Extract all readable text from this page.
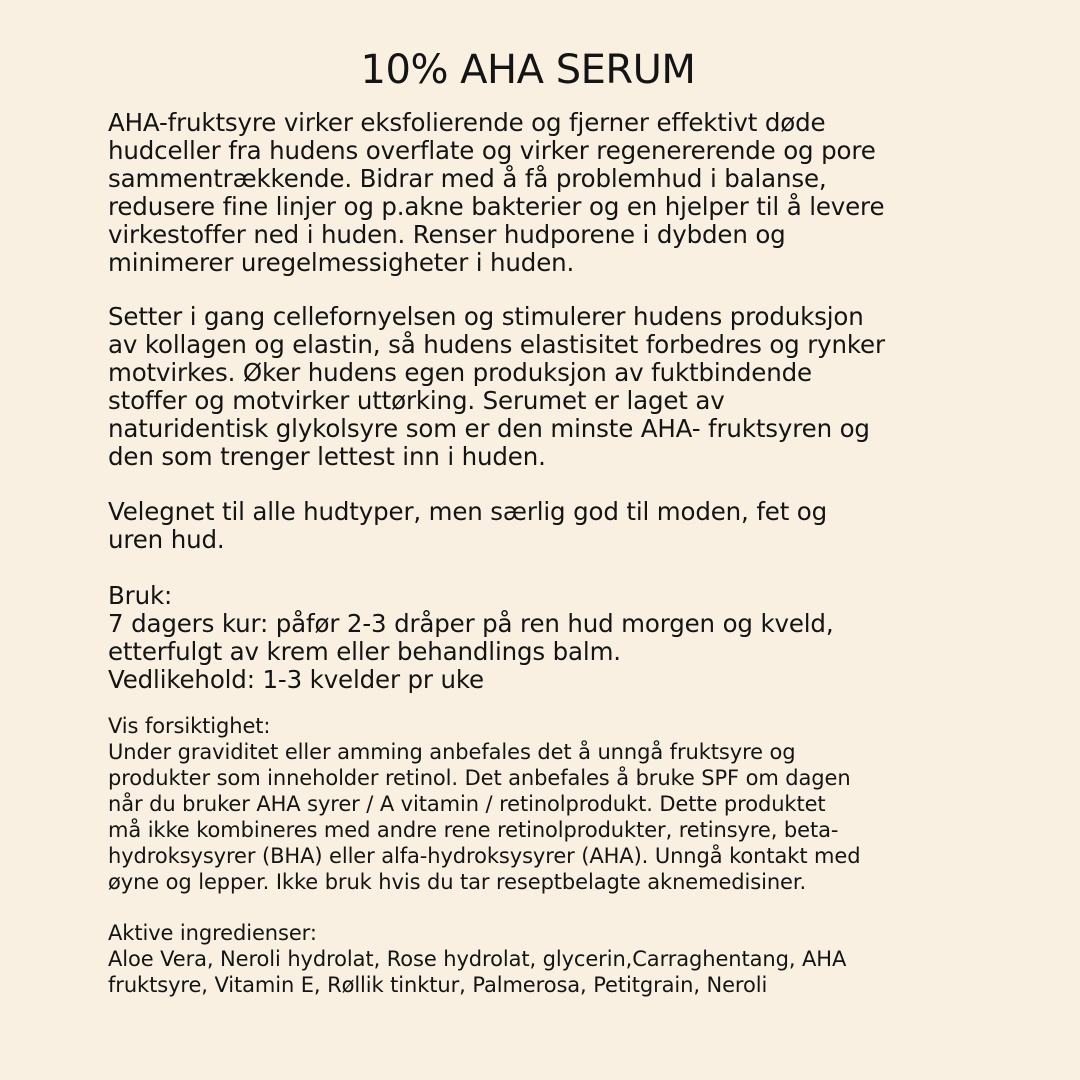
10% AHA SERUM

AHA-fruktsyre virker eksfolierende og fjerner effektivt døde
hudceller fra hudens overflate og virker regenererende og pore
sammentrækkende. Bidrar med å få problemhud i balanse,
redusere fine linjer og p.akne bakterier og en hjelper til å levere
virkestoffer ned i huden. Renser hudporene i dybden og
minimerer uregelmessigheter i huden.

Setter i gang cellefornyelsen og stimulerer hudens produksjon
av kollagen og elastin, så hudens elastisitet forbedres og rynker
motvirkes. Øker hudens egen produksjon av fuktbindende
stoffer og motvirker uttørking. Serumet er laget av
naturidentisk glykolsyre som er den minste AHA- fruktsyren og
den som trenger lettest inn i huden.

Velegnet til alle hudtyper, men særlig god til moden, fet og
uren hud.

Bruk:
7 dagers kur: påfør 2-3 dråper på ren hud morgen og kveld,
etterfulgt av krem eller behandlings balm.
Vedlikehold: 1-3 kvelder pr uke
Vis forsiktighet:
Under graviditet eller amming anbefales det å unngå fruktsyre og
produkter som inneholder retinol. Det anbefales å bruke SPF om dagen
når du bruker AHA syrer / A vitamin / retinolprodukt. Dette produktet
må ikke kombineres med andre rene retinolprodukter, retinsyre, beta-
hydroksysyrer (BHA) eller alfa-hydroksysyrer (AHA). Unngå kontakt med
øyne og lepper. Ikke bruk hvis du tar reseptbelagte aknemedisiner.
Aktive ingredienser:
Aloe Vera, Neroli hydrolat, Rose hydrolat, glycerin,Carraghentang, AHA
fruktsyre, Vitamin E, Røllik tinktur, Palmerosa, Petitgrain, Neroli
